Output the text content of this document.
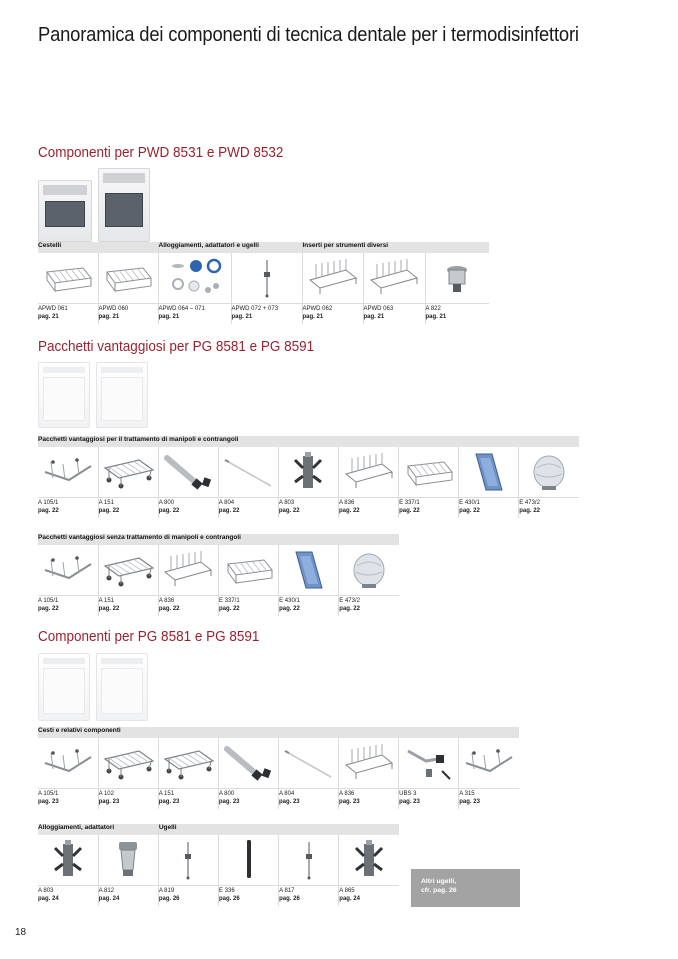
Panoramica dei componenti di tecnica dentale per i termodisinfettori
Componenti per PWD 8531 e PWD 8532
Cestelli		Alloggiamenti, adattatori e ugelli		Inserti per strumenti diversi		

APWD 061
pag. 21	APWD 060
pag. 21	APWD 064 – 071
pag. 21	APWD 072 + 073
pag. 21	APWD 062
pag. 21	APWD 063
pag. 21	A 822
pag. 21
Pacchetti vantaggiosi per PG 8581 e PG 8591
Pacchetti vantaggiosi per il trattamento di manipoli e contrangoli								

A 105/1
pag. 22	A 151
pag. 22	A 800
pag. 22	A 804
pag. 22	A 803
pag. 22	A 836
pag. 22	E 337/1
pag. 22	E 430/1
pag. 22	E 473/2
pag. 22
Pacchetti vantaggiosi senza trattamento di manipoli e contrangoli					

A 105/1
pag. 22	A 151
pag. 22	A 836
pag. 22	E 337/1
pag. 22	E 430/1
pag. 22	E 473/2
pag. 22
Componenti per PG 8581 e PG 8591
Cesti e relativi componenti							

A 105/1
pag. 23	A 102
pag. 23	A 151
pag. 23	A 800
pag. 23	A 804
pag. 23	A 836
pag. 23	UBS 3
pag. 23	A 315
pag. 23
Alloggiamenti, adattatori		Ugelli			

A 803
pag. 24	A 812
pag. 24	A 819
pag. 26	E 336
pag. 26	A 817
pag. 26	A 865
pag. 24
Altri ugelli,
cfr. pag. 26
18
